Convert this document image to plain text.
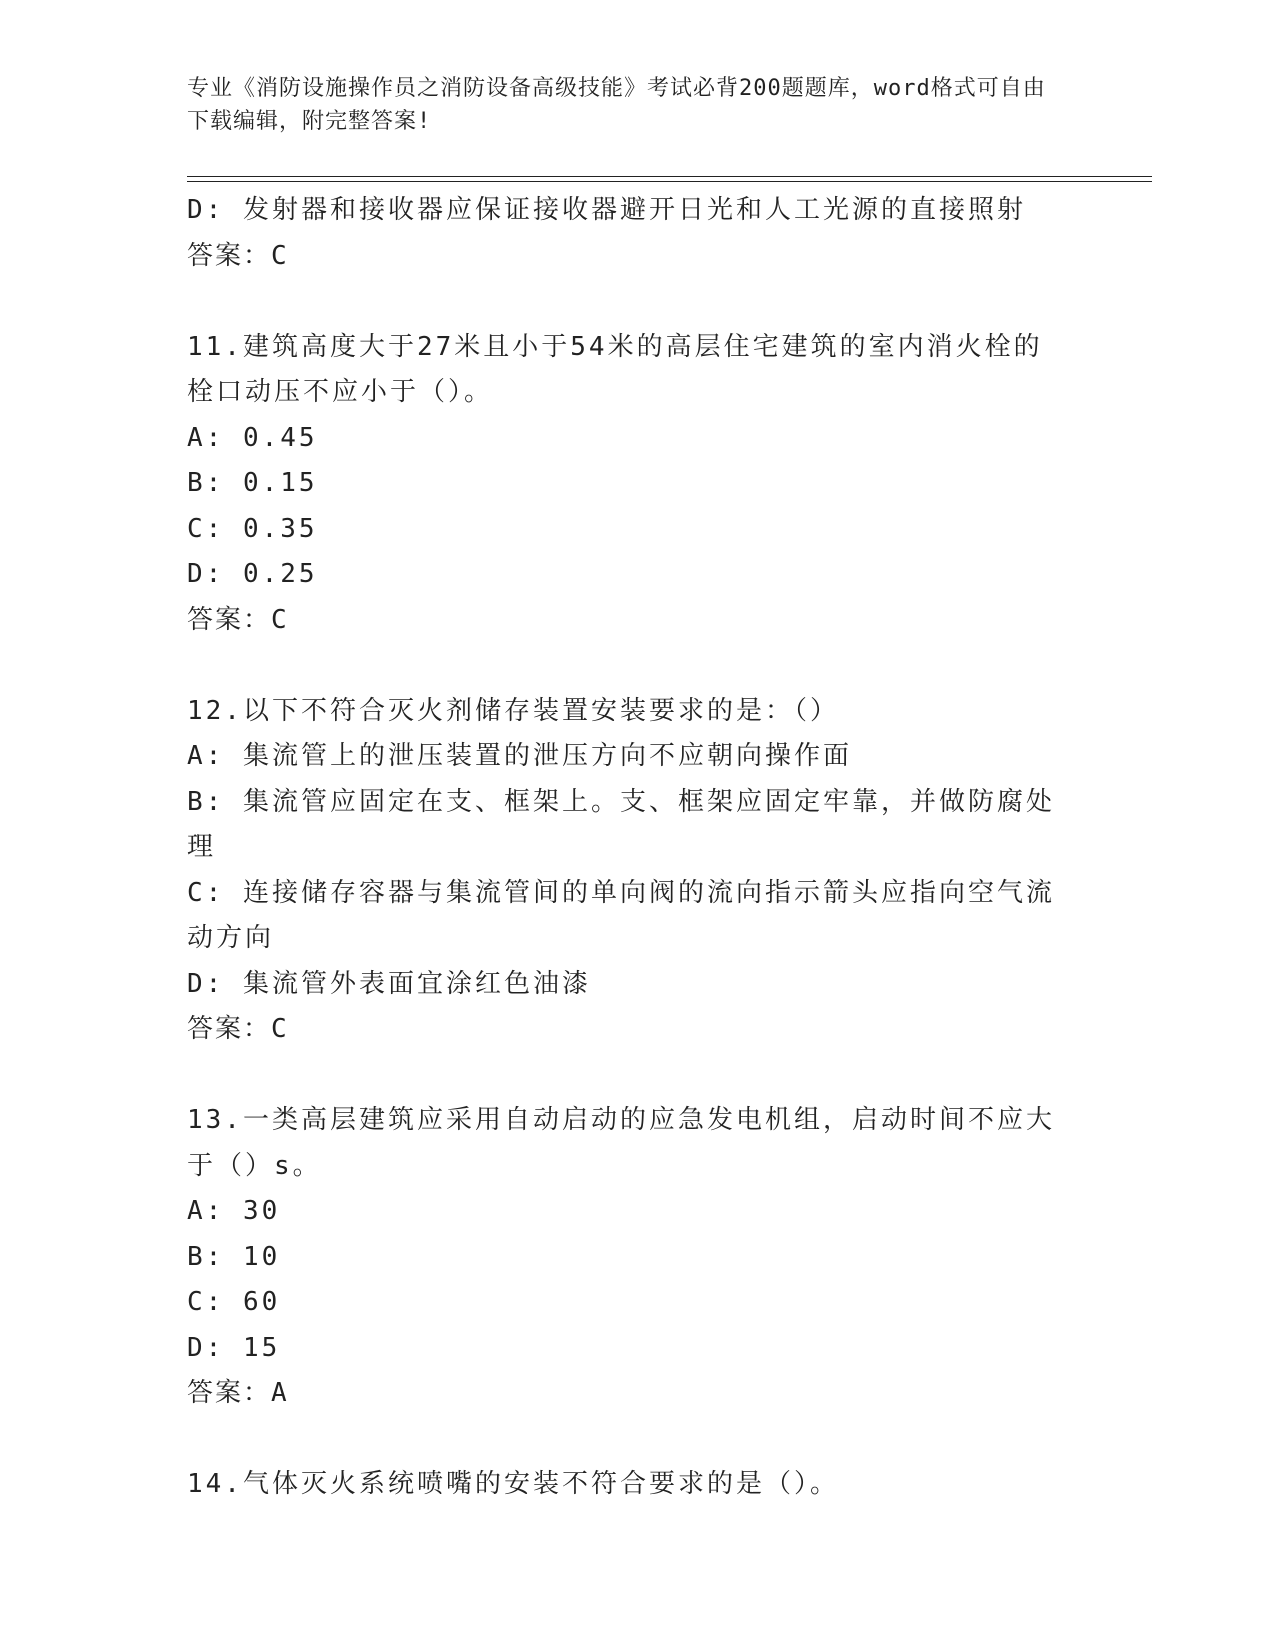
专业《消防设施操作员之消防设备高级技能》考试必背200题题库，word格式可自由下载编辑，附完整答案!

D: 发射器和接收器应保证接收器避开日光和人工光源的直接照射

答案：C

11.建筑高度大于27米且小于54米的高层住宅建筑的室内消火栓的栓口动压不应小于（）。

A: 0.45

B: 0.15

C: 0.35

D: 0.25

答案：C

12.以下不符合灭火剂储存装置安装要求的是：（）

A: 集流管上的泄压装置的泄压方向不应朝向操作面

B: 集流管应固定在支、框架上。支、框架应固定牢靠，并做防腐处理

C: 连接储存容器与集流管间的单向阀的流向指示箭头应指向空气流动方向

D: 集流管外表面宜涂红色油漆

答案：C

13.一类高层建筑应采用自动启动的应急发电机组，启动时间不应大于（）s。

A: 30

B: 10

C: 60

D: 15

答案：A

14.气体灭火系统喷嘴的安装不符合要求的是（）。
